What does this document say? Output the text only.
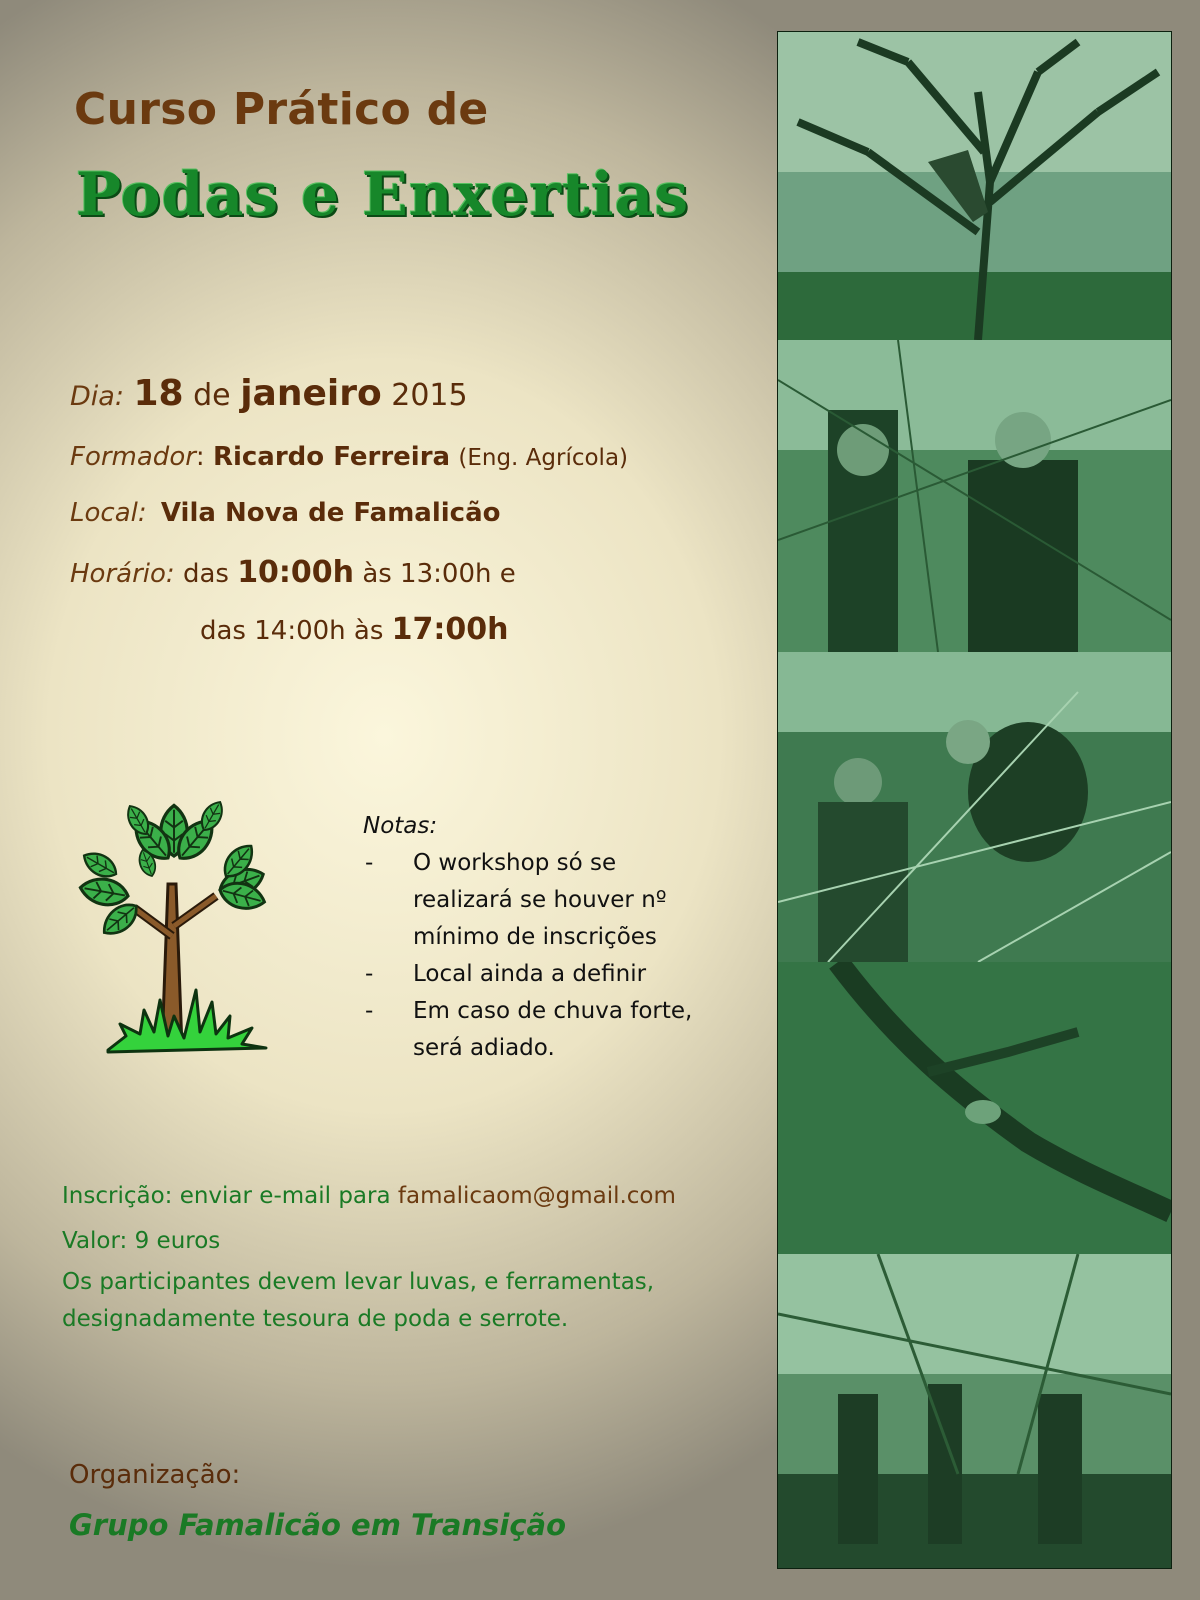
Curso Prático de
Podas e Enxertias
Dia: 18 de janeiro 2015
Formador: Ricardo Ferreira (Eng. Agrícola)
Local: Vila Nova de Famalicão
Horário: das 10:00h às 13:00h e
das 14:00h às 17:00h
Notas:
- O workshop só se realizará se houver nº mínimo de inscrições
- Local ainda a definir
- Em caso de chuva forte, será adiado.
Inscrição: enviar e-mail para famalicaom@gmail.com
Valor: 9 euros
Os participantes devem levar luvas, e ferramentas, designadamente tesoura de poda e serrote.
Organização:
Grupo Famalicão em Transição
